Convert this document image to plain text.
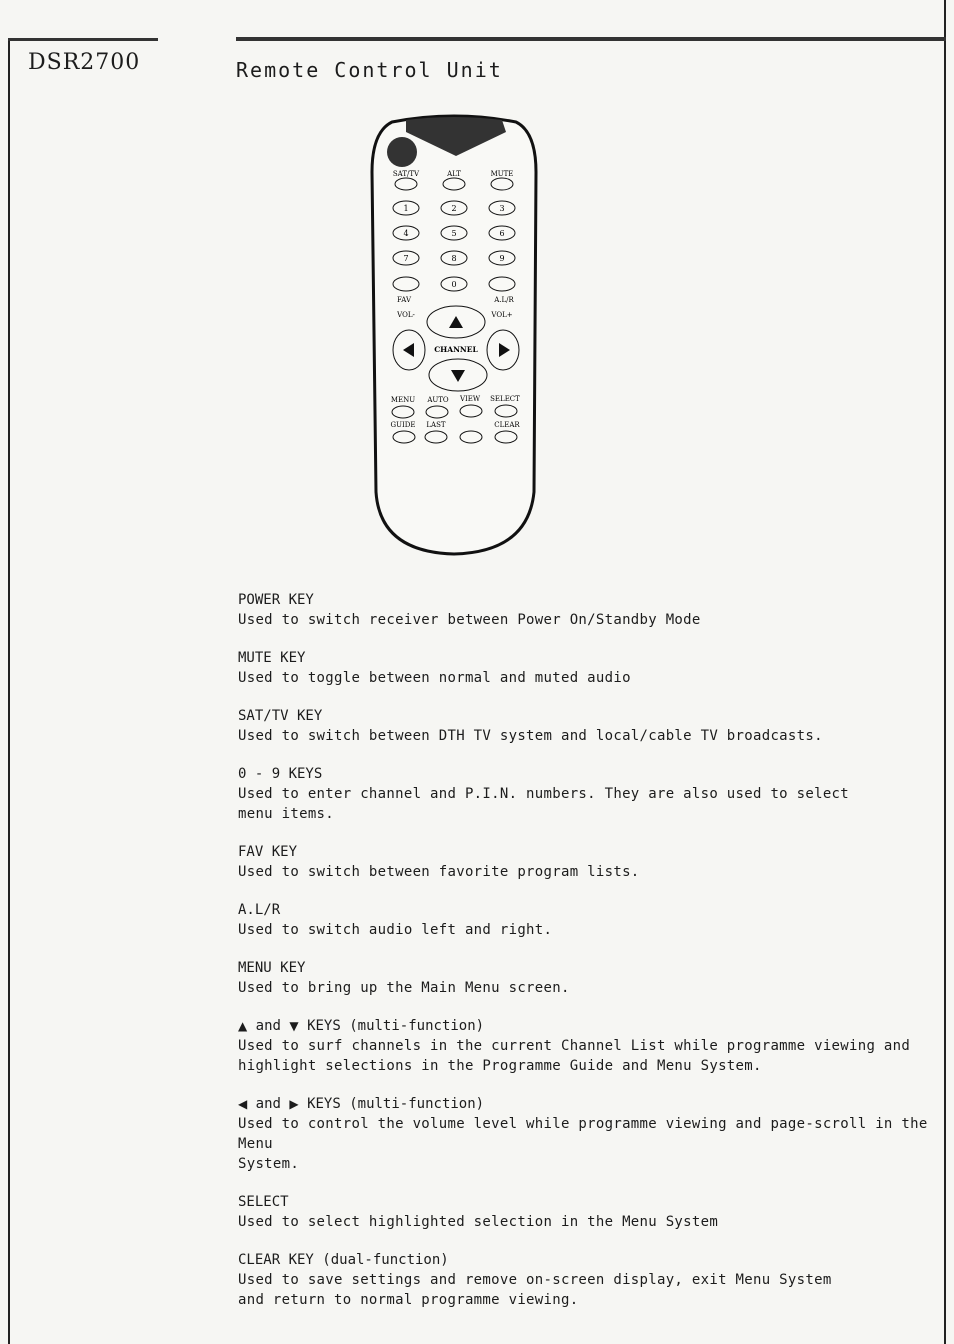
DSR2700	Remote Control Unit
SAT/TV	ALT	MUTE
1	2	3
4	5	6
7	8	9
0
FAV	A.L/R
VOL-	VOL+
CHANNEL
MENU AUTO VIEW SELECT
GUIDE LAST	CLEAR
POWER KEY
Used to switch receiver between Power On/Standby Mode
MUTE KEY
Used to toggle between normal and muted audio
SAT/TV KEY
Used to switch between DTH TV system and local/cable TV broadcasts.
0 - 9 KEYS
Used to enter channel and P.I.N. numbers. They are also used to select
menu items.
FAV KEY
Used to switch between favorite program lists.
A.L/R
Used to switch audio left and right.
MENU KEY
Used to bring up the Main Menu screen.
▲ and ▼ KEYS (multi-function)
Used to surf channels in the current Channel List while programme viewing and
highlight selections in the Programme Guide and Menu System.
◀ and ▶ KEYS (multi-function)
Used to control the volume level while programme viewing and page-scroll in the Menu
System.
SELECT
Used to select highlighted selection in the Menu System
CLEAR KEY (dual-function)
Used to save settings and remove on-screen display, exit Menu System
and return to normal programme viewing.
